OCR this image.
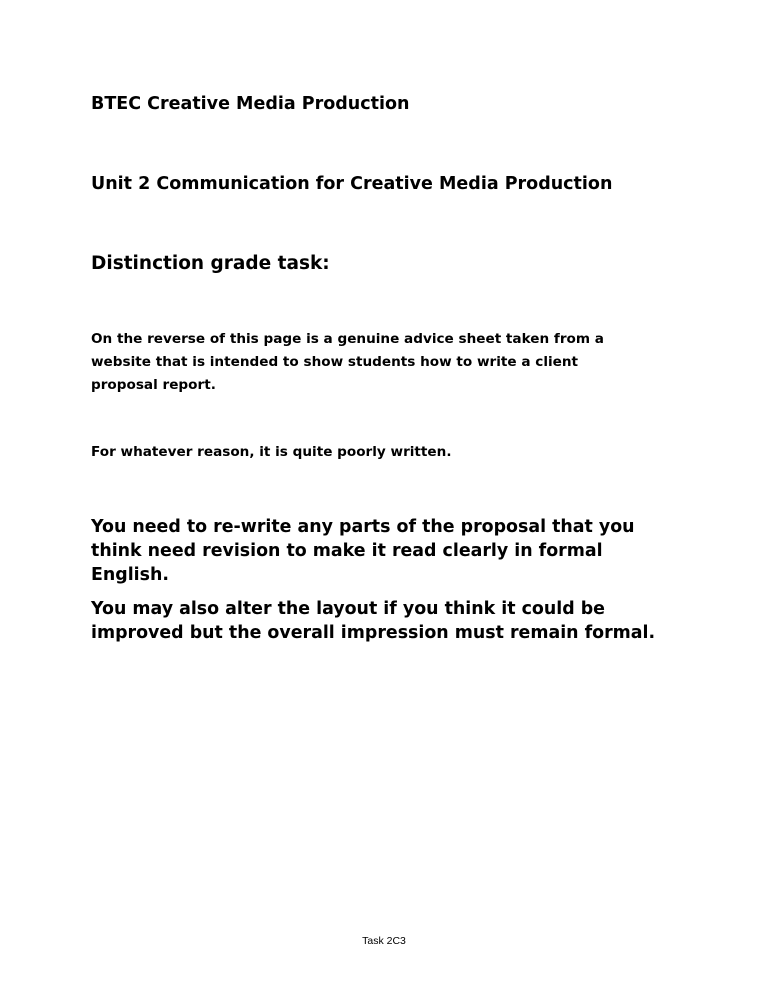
BTEC Creative Media Production
Unit 2 Communication for Creative Media Production
Distinction grade task:

On the reverse of this page is a genuine advice sheet taken from a

website that is intended to show students how to write a client

proposal report.

For whatever reason, it is quite poorly written.

You need to re-write any parts of the proposal that you

think need revision to make it read clearly in formal

English.

You may also alter the layout if you think it could be

improved but the overall impression must remain formal.

Task 2C3
